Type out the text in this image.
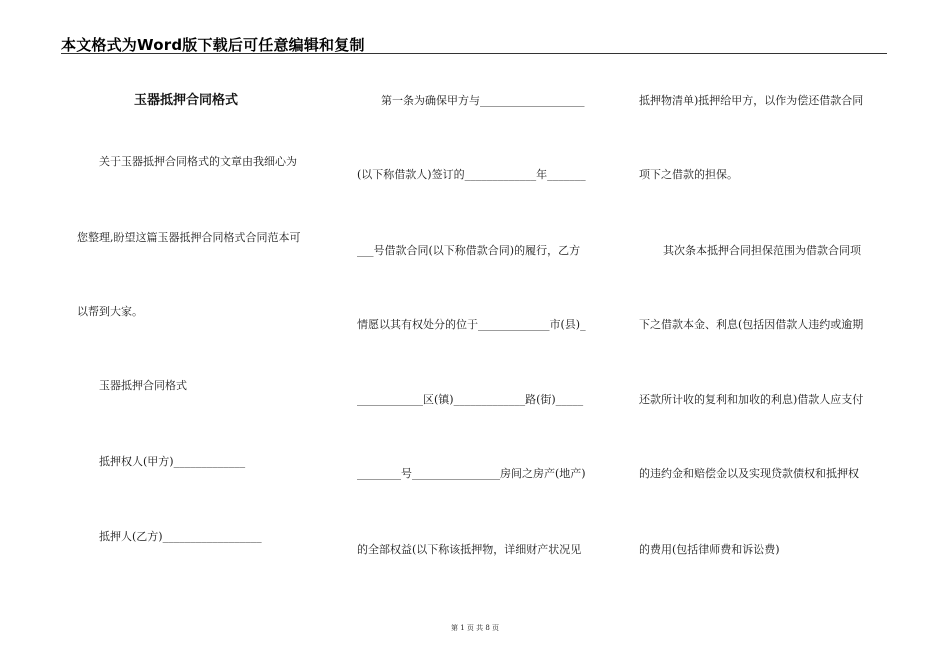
本文格式为Word版下载后可任意编辑和复制
玉器抵押合同格式
关于玉器抵押合同格式的文章由我细心为
您整理,盼望这篇玉器抵押合同格式合同范本可
以帮到大家。
玉器抵押合同格式
抵押权人(甲方)_____________
抵押人(乙方)__________________
第一条为确保甲方与___________________
(以下称借款人)签订的_____________年_______
___号借款合同(以下称借款合同)的履行，乙方
情愿以其有权处分的位于_____________市(县)_
____________区(镇)_____________路(街)_____
________号________________房间之房产(地产)
的全部权益(以下称该抵押物，详细财产状况见
抵押物清单)抵押给甲方，以作为偿还借款合同
项下之借款的担保。
其次条本抵押合同担保范围为借款合同项
下之借款本金、利息(包括因借款人违约或逾期
还款所计收的复利和加收的利息)借款人应支付
的违约金和赔偿金以及实现贷款债权和抵押权
的费用(包括律师费和诉讼费)
第 1 页 共 8 页
